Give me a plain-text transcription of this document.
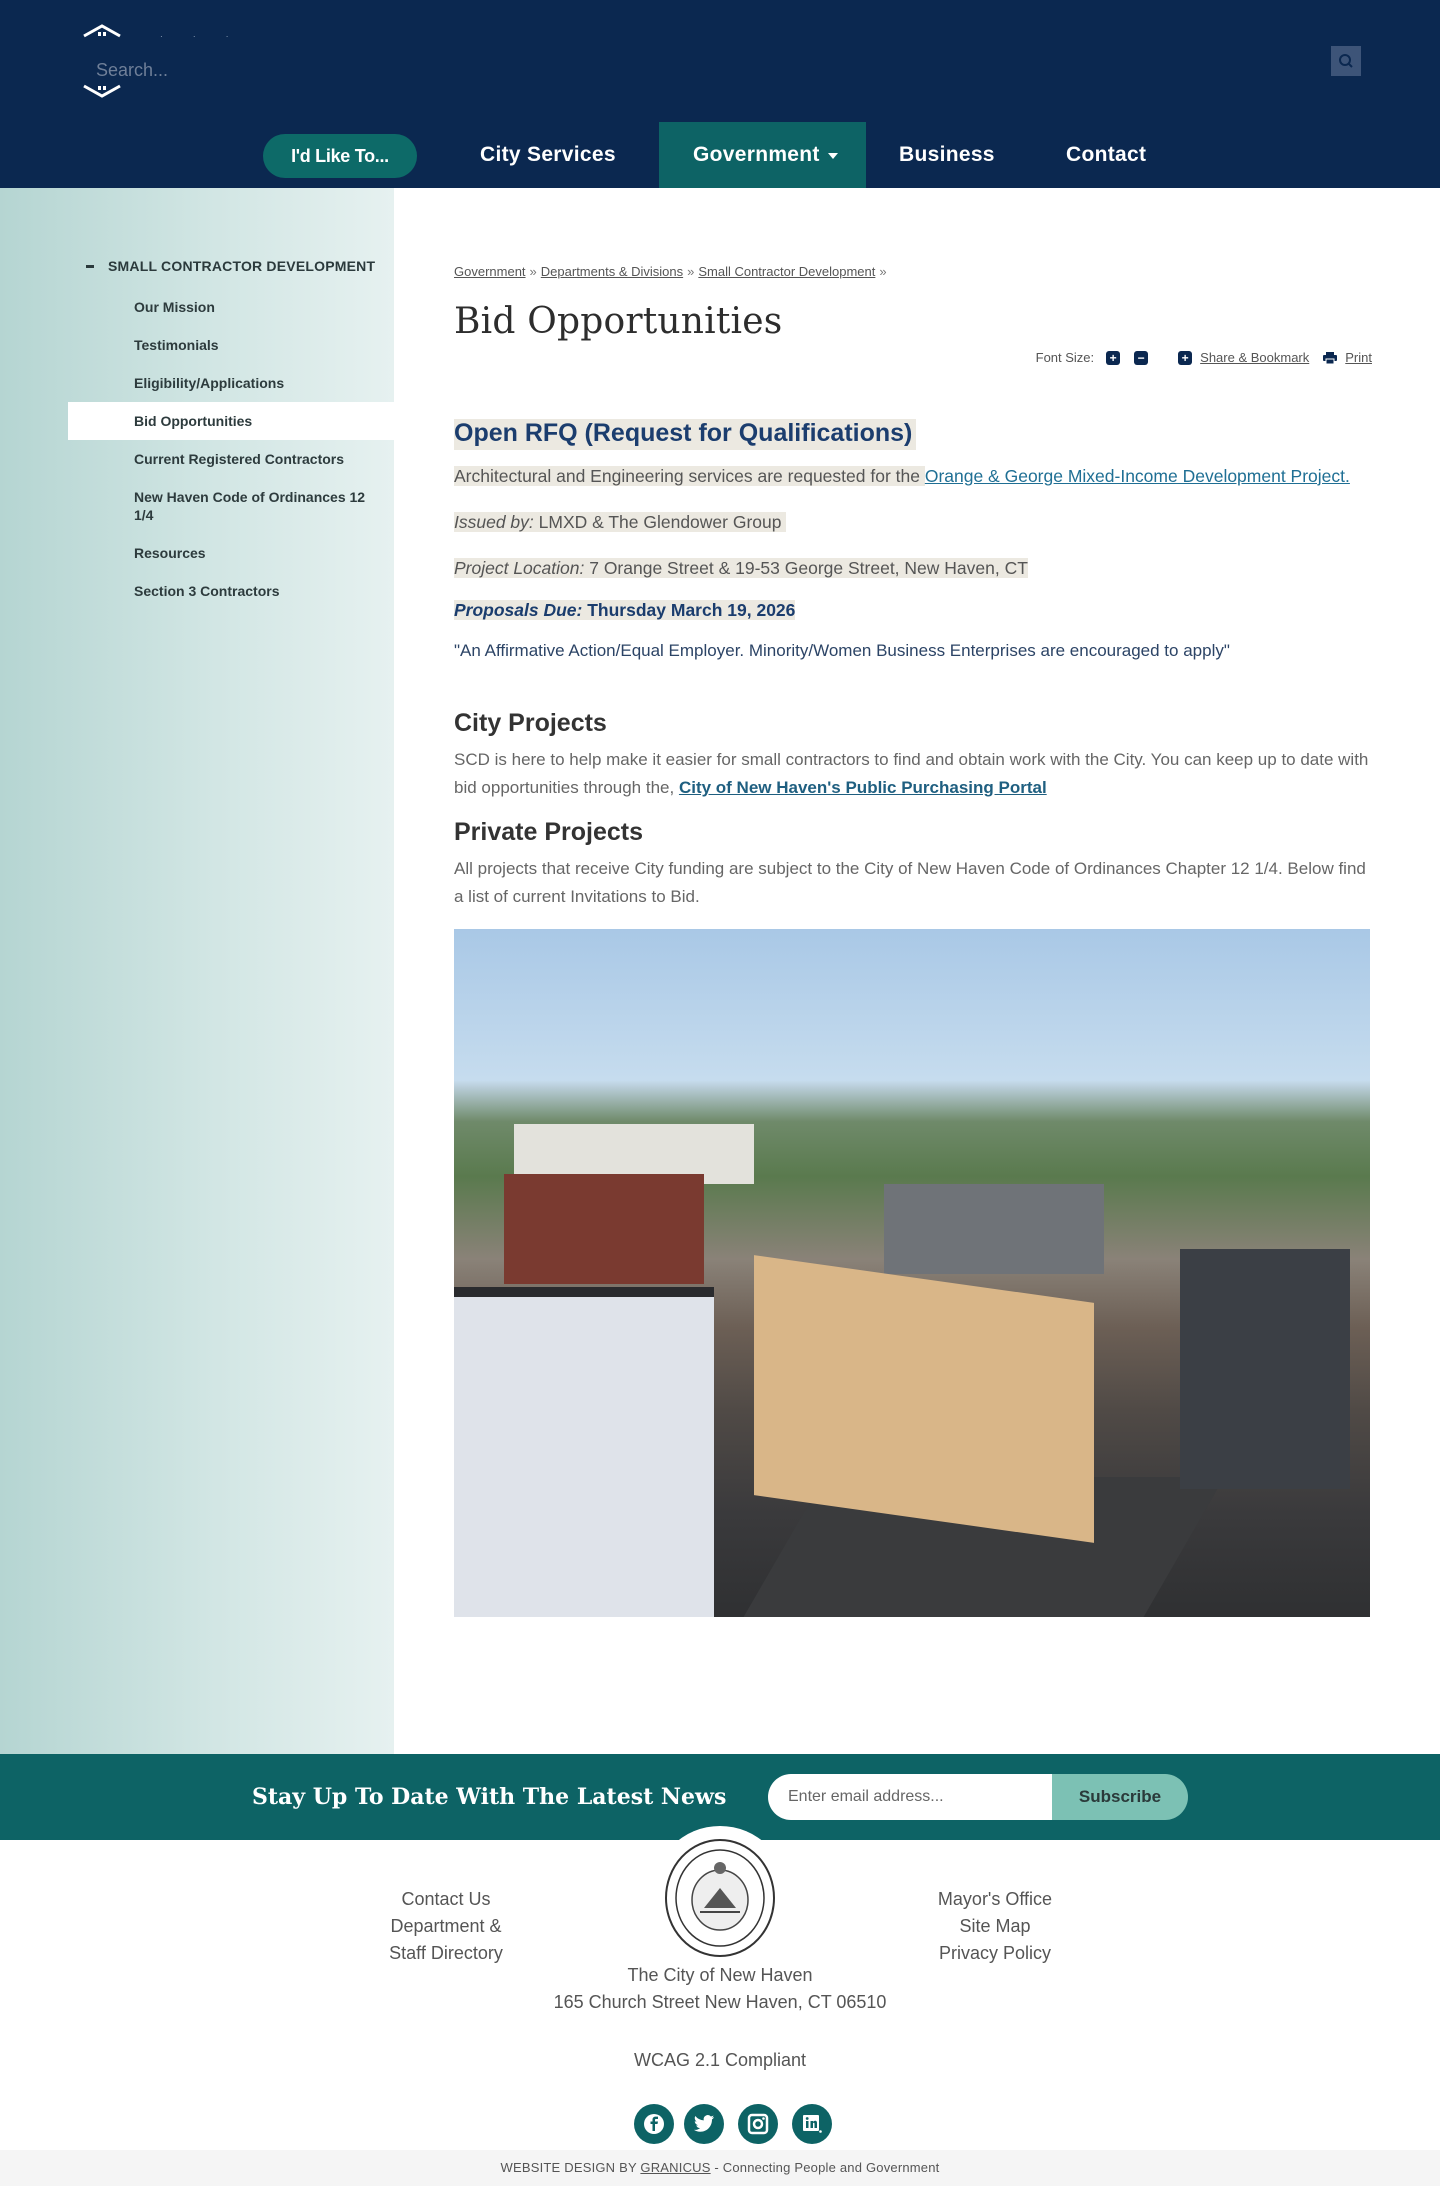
· · ·
Search...
I'd Like To...	City Services	Government	Business	Contact
SMALL CONTRACTOR DEVELOPMENT
Our Mission
Testimonials
Eligibility/Applications
Bid Opportunities
Current Registered Contractors
New Haven Code of Ordinances 12 1/4
Resources
Section 3 Contractors
Government » Departments & Divisions » Small Contractor Development »
Bid Opportunities
Font Size: + −	+ Share & Bookmark	Print
Open RFQ (Request for Qualifications)

Architectural and Engineering services are requested for the Orange & George Mixed-Income Development Project.

Issued by: LMXD & The Glendower Group

Project Location: 7 Orange Street & 19-53 George Street, New Haven, CT

Proposals Due: Thursday March 19, 2026

"An Affirmative Action/Equal Employer. Minority/Women Business Enterprises are encouraged to apply"

City Projects

SCD is here to help make it easier for small contractors to find and obtain work with the City. You can keep up to date with bid opportunities through the, City of New Haven's Public Purchasing Portal

Private Projects

All projects that receive City funding are subject to the City of New Haven Code of Ordinances Chapter 12 1/4. Below find a list of current Invitations to Bid.

Stay Up To Date With The Latest News
Enter email address...	Subscribe
Contact Us
Department & Staff Directory
Mayor's Office
Site Map
Privacy Policy
The City of New Haven
165 Church Street New Haven, CT 06510
WCAG 2.1 Compliant
WEBSITE DESIGN BY GRANICUS - Connecting People and Government
